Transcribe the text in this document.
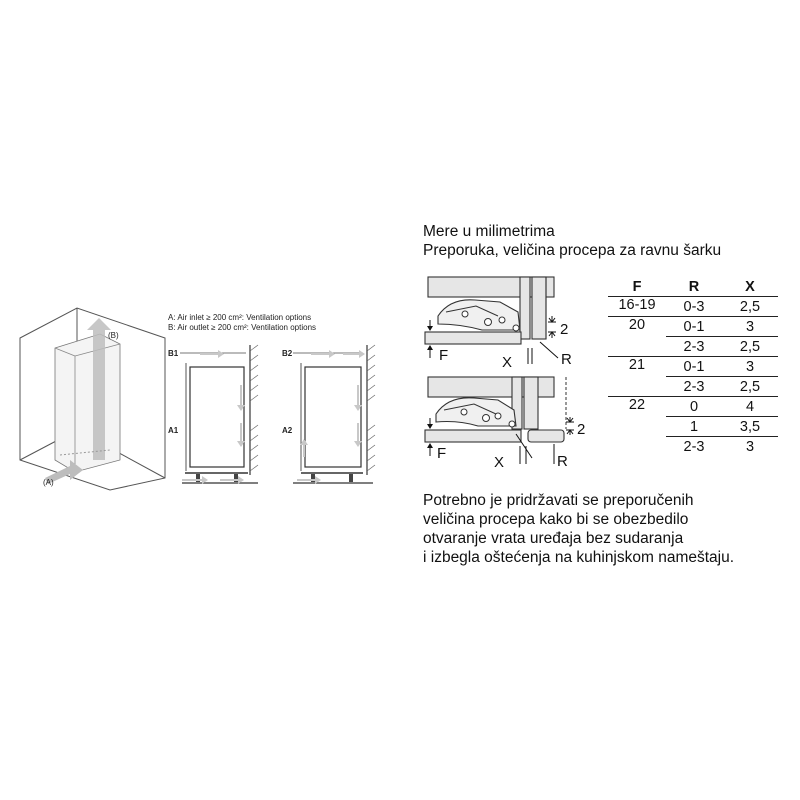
(B)
(A)
A: Air inlet ≥ 200 cm²: Ventilation options
B: Air outlet ≥ 200 cm²: Ventilation options
B1	B2
A1	A2
Mere u milimetrima
Preporuka, veličina procepa za ravnu šarku
F	X	R
2
F
X	R
2
F	R	X
16-19	0-3	2,5
20	0-1	3
	2-3	2,5
21	0-1	3
	2-3	2,5
22	0	4
	1	3,5
	2-3	3
Potrebno je pridržavati se preporučenih
veličina procepa kako bi se obezbedilo
otvaranje vrata uređaja bez sudaranja
i izbegla oštećenja na kuhinjskom nameštaju.
